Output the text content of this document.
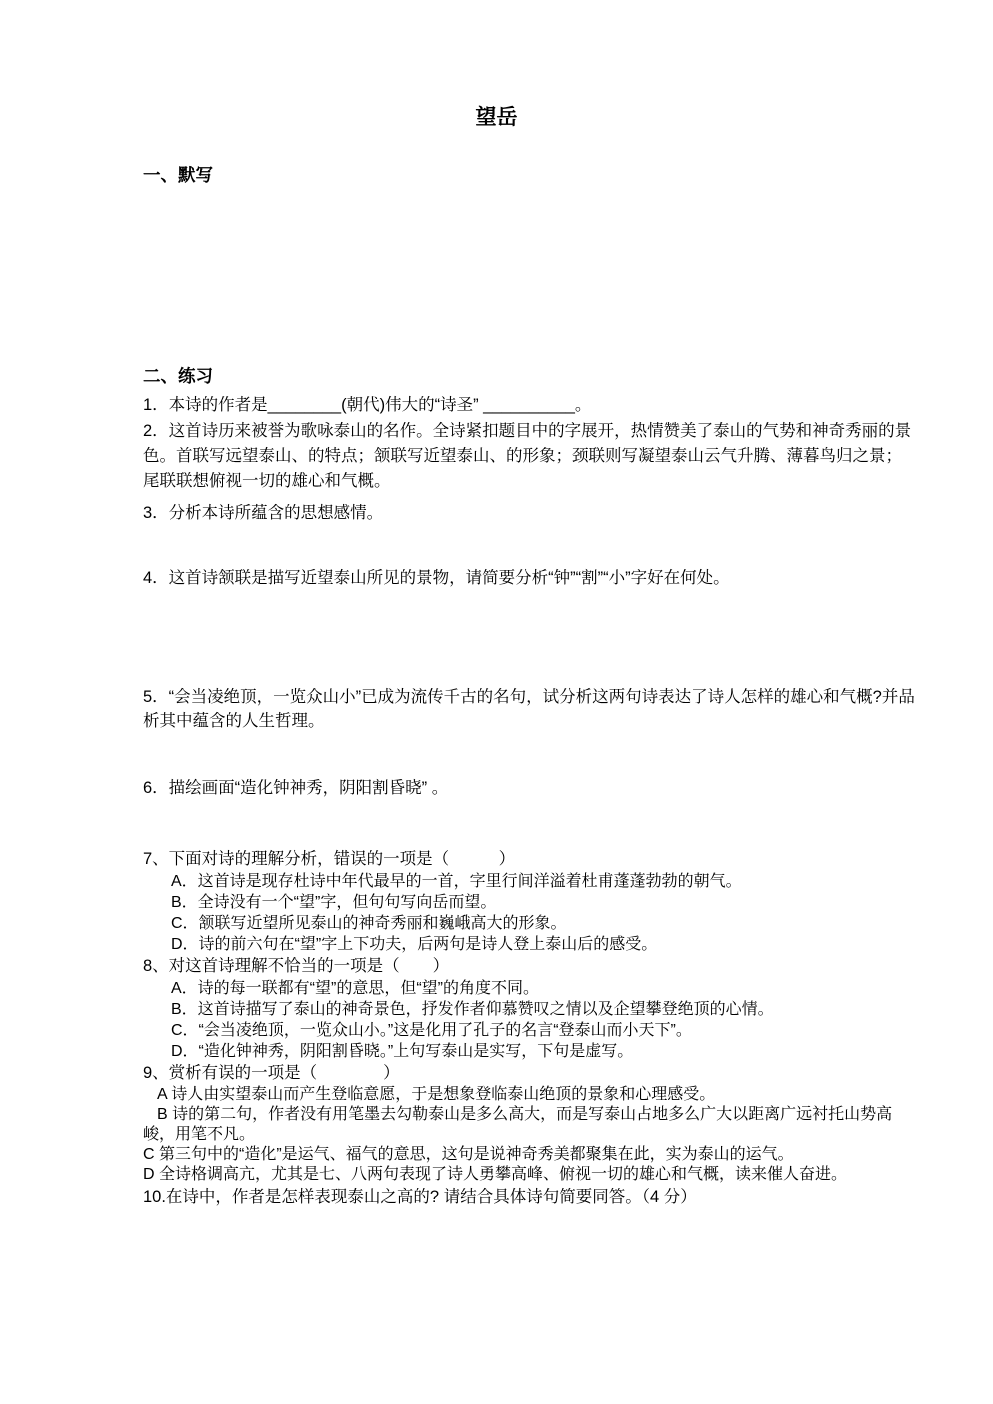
望岳
一、默写
二、练习
1．本诗的作者是________(朝代)伟大的“诗圣” __________。
2．这首诗历来被誉为歌咏泰山的名作。全诗紧扣题目中的字展开，热情赞美了泰山的气势和神奇秀丽的景色。首联写远望泰山、的特点；颔联写近望泰山、的形象；颈联则写凝望泰山云气升腾、薄暮鸟归之景；尾联联想俯视一切的雄心和气概。
3．分析本诗所蕴含的思想感情。
4．这首诗颔联是描写近望泰山所见的景物，请简要分析“钟”“割”“小”字好在何处。
5．“会当凌绝顶，一览众山小”已成为流传千古的名句，试分析这两句诗表达了诗人怎样的雄心和气概?并品析其中蕴含的人生哲理。
6．描绘画面“造化钟神秀，阴阳割昏晓” 。
7、下面对诗的理解分析，错误的一项是（　　　）
A．这首诗是现存杜诗中年代最早的一首，字里行间洋溢着杜甫蓬蓬勃勃的朝气。
B．全诗没有一个“望”字，但句句写向岳而望。
C．颔联写近望所见泰山的神奇秀丽和巍峨高大的形象。
D．诗的前六句在“望”字上下功夫，后两句是诗人登上泰山后的感受。
8、对这首诗理解不恰当的一项是（　　）
A．诗的每一联都有“望”的意思，但“望”的角度不同。
B．这首诗描写了泰山的神奇景色，抒发作者仰慕赞叹之情以及企望攀登绝顶的心情。
C．“会当凌绝顶，一览众山小。”这是化用了孔子的名言“登泰山而小天下”。
D．“造化钟神秀，阴阳割昏晓。”上句写泰山是实写，下句是虚写。
9、赏析有误的一项是（　　　　）
A 诗人由实望泰山而产生登临意愿，于是想象登临泰山绝顶的景象和心理感受。
B 诗的第二句，作者没有用笔墨去勾勒泰山是多么高大，而是写泰山占地多么广大以距离广远衬托山势高峻，用笔不凡。
C 第三句中的“造化”是运气、福气的意思，这句是说神奇秀美都聚集在此，实为泰山的运气。
D 全诗格调高亢，尤其是七、八两句表现了诗人勇攀高峰、俯视一切的雄心和气概，读来催人奋进。
10.在诗中，作者是怎样表现泰山之高的? 请结合具体诗句简要同答。（4 分）
